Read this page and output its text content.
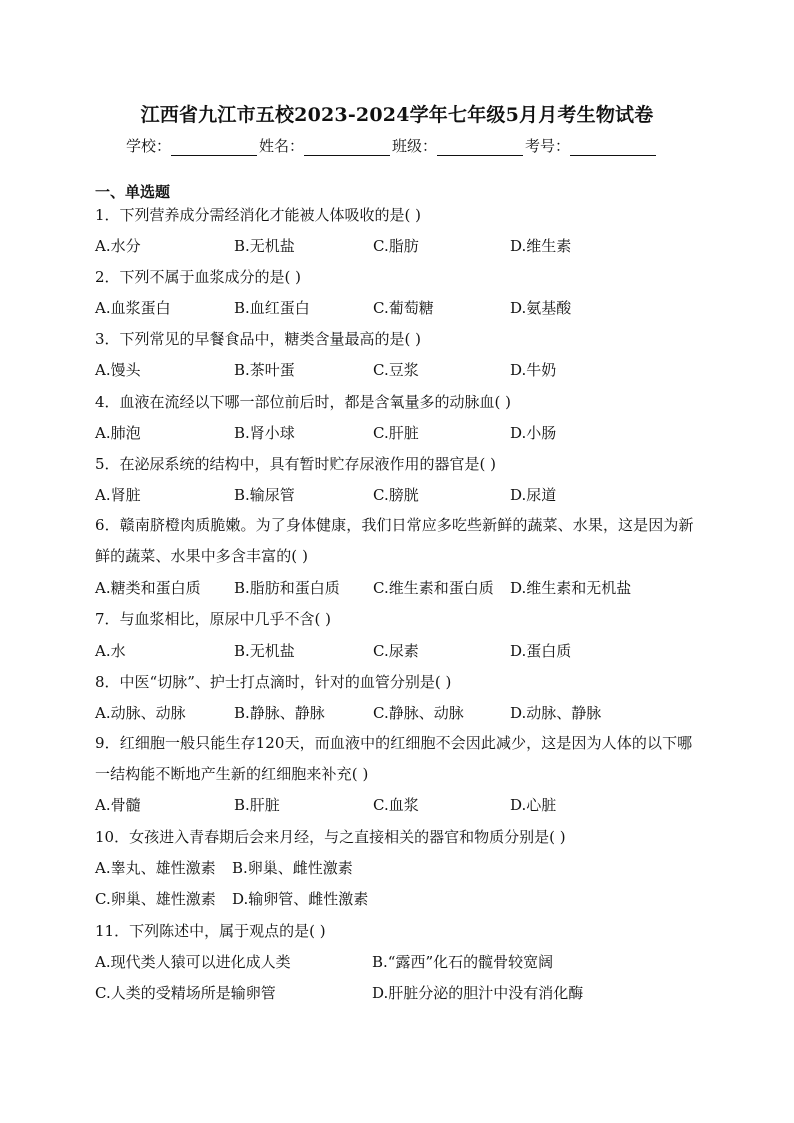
江西省九江市五校2023-2024学年七年级5月月考生物试卷
学校：	姓名：	班级：	考号：
一、单选题
1．下列营养成分需经消化才能被人体吸收的是( )
A.水分	B.无机盐	C.脂肪	D.维生素
2．下列不属于血浆成分的是( )
A.血浆蛋白	B.血红蛋白	C.葡萄糖	D.氨基酸
3．下列常见的早餐食品中，糖类含量最高的是( )
A.馒头	B.茶叶蛋	C.豆浆	D.牛奶
4．血液在流经以下哪一部位前后时，都是含氧量多的动脉血( )
A.肺泡	B.肾小球	C.肝脏	D.小肠
5．在泌尿系统的结构中，具有暂时贮存尿液作用的器官是( )
A.肾脏	B.输尿管	C.膀胱	D.尿道
6．赣南脐橙肉质脆嫩。为了身体健康，我们日常应多吃些新鲜的蔬菜、水果，这是因为新鲜的蔬菜、水果中多含丰富的( )
A.糖类和蛋白质 B.脂肪和蛋白质 C.维生素和蛋白质 D.维生素和无机盐
7．与血浆相比，原尿中几乎不含( )
A.水	B.无机盐	C.尿素	D.蛋白质
8．中医“切脉”、护士打点滴时，针对的血管分别是( )
A.动脉、动脉	B.静脉、静脉	C.静脉、动脉	D.动脉、静脉
9．红细胞一般只能生存120天，而血液中的红细胞不会因此减少，这是因为人体的以下哪一结构能不断地产生新的红细胞来补充( )
A.骨髓	B.肝脏	C.血浆	D.心脏
10．女孩进入青春期后会来月经，与之直接相关的器官和物质分别是( )
A.睾丸、雄性激素 B.卵巢、雌性激素
C.卵巢、雄性激素 D.输卵管、雌性激素
11．下列陈述中，属于观点的是( )
A.现代类人猿可以进化成人类	B.“露西”化石的髋骨较宽阔
C.人类的受精场所是输卵管	D.肝脏分泌的胆汁中没有消化酶
